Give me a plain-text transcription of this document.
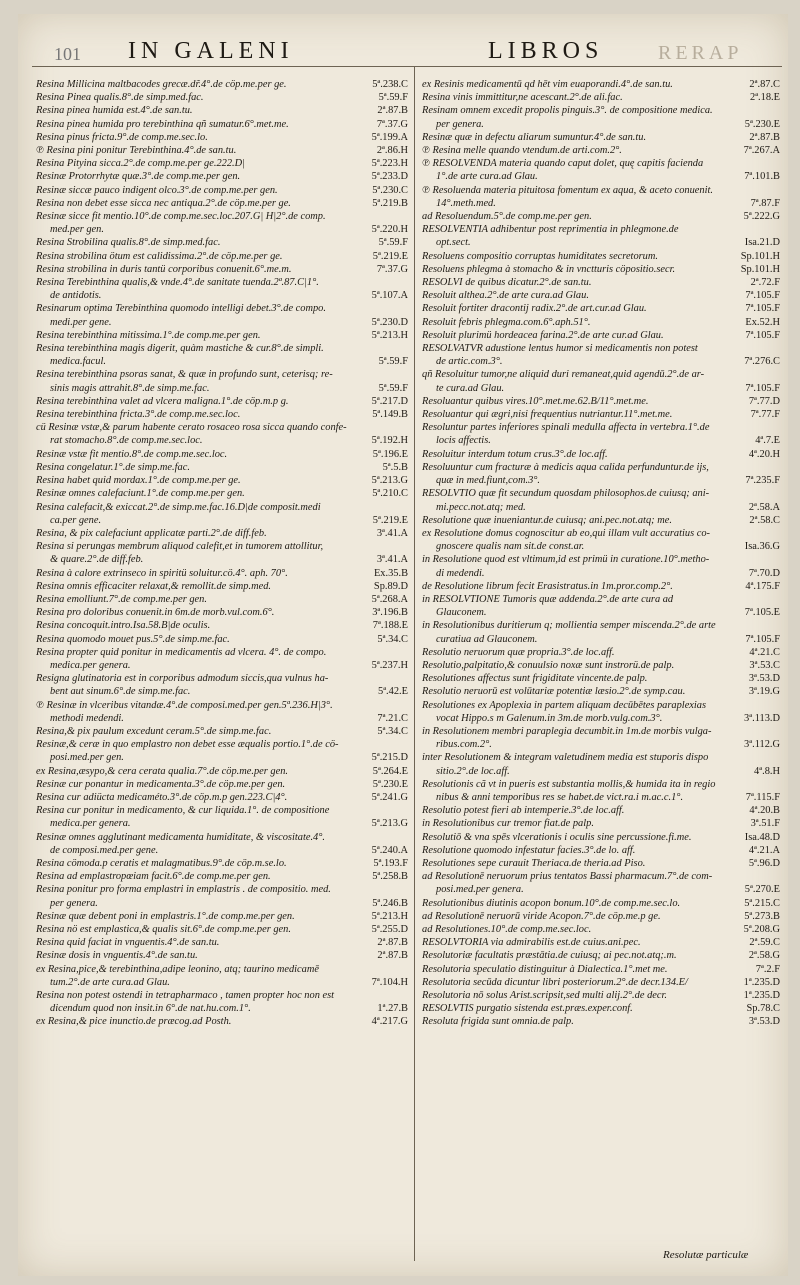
101 IN GALENI	LIBROS	RERAP
5ª.238.C
Resina Millicina maltbacodes grecæ.dr̃.4°.de cöp.me.per ge.
5ª.59.F
Resina Pinea qualis.8°.de simp.med.fac.
2ª.87.B
Resina pinea humida est.4°.de san.tu.
7ª.37.G
Resina pinea humida pro terebinthina qñ sumatur.6°.met.me.
5ª.199.A
Resina pinus fricta.9°.de comp.me.sec.lo.
2ª.86.H
℗ Resina pini ponitur Terebinthina.4°.de san.tu.
5ª.223.H
Resina Pityina sicca.2°.de comp.me.per ge.222.D|
5ª.233.D
Resinæ Protorrhytæ quæ.3°.de comp.me.per gen.
5ª.230.C
Resinæ siccæ pauco indigent olco.3°.de comp.me.per gen.
5ª.219.B
Resina non debet esse sicca nec antiqua.2°.de cöp.me.per ge.
Resinæ sicce fit mentio.10°.de comp.me.sec.loc.207.G| H|2°.de comp.
5ª.220.H
med.per gen.
5ª.59.F
Resina Strobilina qualis.8°.de simp.med.fac.
5ª.219.E
Resina strobilina ötum est calidissima.2°.de cöp.me.per ge.
7ª.37.G
Resina strobilina in duris tantü corporibus conuenit.6°.me.m.
Resina Terebinthina qualis,& vnde.4°.de sanitate tuenda.2ª.87.C|1°.
5ª.107.A
de antidotis.
Resinarum optima Terebinthina quomodo intelligi debet.3°.de compo.
5ª.230.D
medi.per gene.
5ª.213.H
Resina terebinthina mitissima.1°.de comp.me.per gen.
Resina terebinthina magis digerit, quàm mastiche & cur.8°.de simpli.
5ª.59.F
medica.facul.
Resina terebinthina psoras sanat, & quæ in profundo sunt, ceterisq; re-
5ª.59.F
sinis magis attrahit.8°.de simp.me.fac.
5ª.217.D
Resina terebinthina valet ad vlcera maligna.1°.de cöp.m.p g.
5ª.149.B
Resina terebinthina fricta.3°.de comp.me.sec.loc.
cü Resinæ vstæ,& parum habente cerato rosaceo rosa sicca quando confe-
5ª.192.H
rat stomacho.8°.de comp.me.sec.loc.
5ª.196.E
Resinæ vstæ fit mentio.8°.de comp.me.sec.loc.
5ª.5.B
Resina congelatur.1°.de simp.me.fac.
5ª.213.G
Resina habet quid mordax.1°.de comp.me.per ge.
5ª.210.C
Resinæ omnes calefaciunt.1°.de comp.me.per gen.
Resina calefacit,& exiccat.2°.de simp.me.fac.16.D|de composit.medi
5ª.219.E
ca.per gene.
3ª.41.A
Resina, & pix calefaciunt applicatæ parti.2°.de diff.feb.
Resina si perungas membrum aliquod calefit,et in tumorem attollitur,
3ª.41.A
& quare.2°.de diff.feb.
Ex.35.B
Resina à calore extrinseco in spiritü soluitur.cö.4°. aph. 70°.
Sp.89.D
Resina omnis efficaciter relaxat,& remollit.de simp.med.
5ª.268.A
Resina emolliunt.7°.de comp.me.per gen.
3ª.196.B
Resina pro doloribus conuenit.in 6m.de morb.vul.com.6°.
7ª.188.E
Resina concoquit.intro.Isa.58.B|de oculis.
5ª.34.C
Resina quomodo mouet pus.5°.de simp.me.fac.
Resina propter quid ponitur in medicamentis ad vlcera. 4°. de compo.
5ª.237.H
medica.per genera.
Resigna glutinatoria est in corporibus admodum siccis,qua vulnus ha-
5ª.42.E
bent aut sinum.6°.de simp.me.fac.
℗ Resinæ in vlceribus vitandæ.4°.de composi.med.per gen.5ª.236.H|3°.
7ª.21.C
methodi medendi.
5ª.34.C
Resina,& pix paulum excedunt ceram.5°.de simp.me.fac.
Resinæ,& ceræ in quo emplastro non debet esse æqualis portio.1°.de cö-
5ª.215.D
posi.med.per gen.
5ª.264.E
ex Resina,æsypo,& cera cerata qualia.7°.de cöp.me.per gen.
5ª.230.E
Resinæ cur ponantur in medicamenta.3°.de cöp.me.per gen.
5ª.241.G
Resina cur adiücta medicaméto.3°.de cöp.m.p gen.223.C|4°.
Resina cur ponitur in medicamento, & cur liquida.1°. de compositione
5ª.213.G
medica.per genera.
Resinæ omnes agglutinant medicamenta humiditate, & viscositate.4°.
5ª.240.A
de composi.med.per gene.
5ª.193.F
Resina cömoda.p ceratis et malagmatibus.9°.de cöp.m.se.lo.
5ª.258.B
Resina ad emplastropœiam facit.6°.de comp.me.per gen.
Resina ponitur pro forma emplastri in emplastris . de compositio. med.
5ª.246.B
per genera.
5ª.213.H
Resinæ quæ debent poni in emplastris.1°.de comp.me.per gen.
5ª.255.D
Resina nö est emplastica,& qualis sit.6°.de comp.me.per gen.
2ª.87.B
Resina quid faciat in vnguentis.4°.de san.tu.
2ª.87.B
Resinæ dosis in vnguentis.4°.de san.tu.
ex Resina,pice,& terebinthina,adipe leonino, atq; taurino medicamē
7ª.104.H
tum.2°.de arte cura.ad Glau.
Resina non potest ostendi in tetrapharmaco , tamen propter hoc non est
1ª.27.B
dicendum quod non insit.in 6°.de nat.hu.com.1°.
4ª.217.G
ex Resina,& pice inunctio.de præcog.ad Posth.
2ª.87.C
ex Resinis medicamentū qd hēt vim euaporandi.4°.de san.tu.
2ª.18.E
Resina vinis immittitur,ne acescant.2°.de ali.fac.
Resinam omnem excedit propolis pinguis.3°. de compositione medica.
5ª.230.E
per genera.
2ª.87.B
Resinæ quæ in defectu aliarum sumuntur.4°.de san.tu.
7ª.267.A
℗ Resina melle quando vtendum.de arti.com.2°.
℗ RESOLVENDA materia quando caput dolet, quę capitis facienda
7ª.101.B
1°.de arte cura.ad Glau.
℗ Resoluenda materia pituitosa fomentum ex aqua, & aceto conuenit.
7ª.87.F
14°.meth.med.
5ª.222.G
ad Resoluendum.5°.de comp.me.per gen.
RESOLVENTIA adhibentur post reprimentia in phlegmone.de
Isa.21.D
opt.sect.
Sp.101.H
Resoluens compositio corruptas humiditates secretorum.
Sp.101.H
Resoluens phlegma à stomacho & in vnctturis cöpositio.secr.
2ª.72.F
RESOLVI de quibus dicatur.2°.de san.tu.
7ª.105.F
Resoluit althea.2°.de arte cura.ad Glau.
7ª.105.F
Resoluit fortiter dracontij radix.2°.de art.cur.ad Glau.
Ex.52.H
Resoluit febris phlegma.com.6°.aph.51°.
7ª.105.F
Resoluit plurimü hordeacea farina.2°.de arte cur.ad Glau.
RESOLVATVR adustione lentus humor si medicamentis non potest
7ª.276.C
de artic.com.3°.
qñ Resoluitur tumor,ne aliquid duri remaneat,quid agendū.2°.de ar-
7ª.105.F
te cura.ad Glau.
7ª.77.D
Resoluantur quibus vires.10°.met.me.62.B/11°.met.me.
7ª.77.F
Resoluantur qui ægri,nisi frequentius nutriantur.11°.met.me.
Resoluntur partes inferiores spinali medulla affecta in vertebra.1°.de
4ª.7.E
locis affectis.
4ª.20.H
Resoluitur interdum totum crus.3°.de loc.aff.
Resoluuntur cum fracturæ à medicis aqua calida perfunduntur.de ijs,
7ª.235.F
quæ in med.fiunt,com.3°.
RESOLVTIO quæ fit secundum quosdam philosophos.de cuiusq; ani-
2ª.58.A
mi.pecc.not.atq; med.
2ª.58.C
Resolutione quæ inueniantur.de cuiusq; ani.pec.not.atq; me.
ex Resolutione domus cognoscitur ab eo,qui illam vult accuratius co-
Isa.36.G
gnoscere qualis nam sit.de const.ar.
in Resolutione quod est vltimum,id est primü in curatione.10°.metho-
7ª.70.D
di medendi.
4ª.175.F
de Resolutione librum fecit Erasistratus.in 1m.pror.comp.2°.
in RESOLVTIONE Tumoris quæ addenda.2°.de arte cura ad
7ª.105.E
Glauconem.
in Resolutionibus duritierum q; mollientia semper miscenda.2°.de arte
7ª.105.F
curatiua ad Glauconem.
4ª.21.C
Resolutio neruorum quæ propria.3°.de loc.aff.
3ª.53.C
Resolutio,palpitatio,& conuulsio noxæ sunt instrorü.de palp.
3ª.53.D
Resolutiones affectus sunt frigiditate vincente.de palp.
3ª.19.G
Resolutio neruorū est volūtariæ potentiæ læsio.2°.de symp.cau.
Resolutiones ex Apoplexia in partem aliquam decūbētes paraplexias
3ª.113.D
vocat Hippo.s m Galenum.in 3m.de morb.vulg.com.3°.
in Resolutionem membri paraplegia decumbit.in 1m.de morbis vulga-
3ª.112.G
ribus.com.2°.
inter Resolutionem & integram valetudinem media est stuporis dispo
4ª.8.H
sitio.2°.de loc.aff.
Resolutionis cã vt in pueris est substantia mollis,& humida ita in regio
7ª.115.F
nibus & anni temporibus res se habet.de vict.ra.i m.ac.c.1°.
4ª.20.B
Resolutio potest fieri ab intemperie.3°.de loc.aff.
3ª.51.F
in Resolutionibus cur tremor fiat.de palp.
Isa.48.D
Resolutiō & vna spēs vlcerationis i oculis sine percussione.fi.me.
4ª.21.A
Resolutione quomodo infestatur facies.3°.de lo. aff.
5ª.96.D
Resolutiones sepe curauit Theriaca.de theria.ad Piso.
ad Resolutionē neruorum prius tentatos Bassi pharmacum.7°.de com-
5ª.270.E
posi.med.per genera.
5ª.215.C
Resolutionibus diutinis acopon bonum.10°.de comp.me.sec.lo.
5ª.273.B
ad Resolutionē neruorū viride Acopon.7°.de cöp.me.p ge.
5ª.208.G
ad Resolutiones.10°.de comp.me.sec.loc.
2ª.59.C
RESOLVTORIA via admirabilis est.de cuius.ani.pec.
2ª.58.G
Resolutoriæ facultatis præstātia.de cuiusq; ai pec.not.atq;.m.
7ª.2.F
Resolutoria speculatio distinguitur à Dialectica.1°.met me.
1ª.235.D
Resolutoria secūda dicuntur libri posteriorum.2°.de decr.134.E/
1ª.235.D
Resolutoria nō solus Arist.scripsit,sed multi alij.2°.de decr.
Sp.78.C
RESOLVTIS purgatio sistenda est.præs.exper.conf.
3ª.53.D
Resoluta frigida sunt omnia.de palp.
Resolutæ particulæ
